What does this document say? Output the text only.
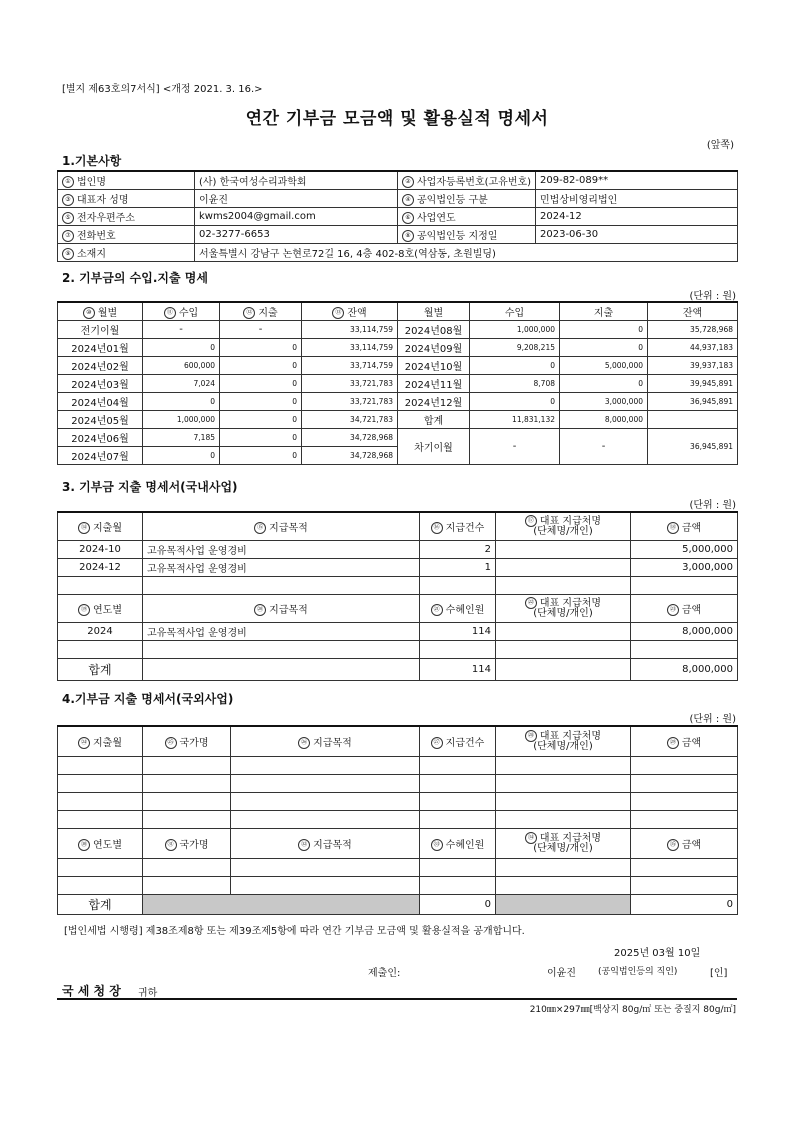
[별지 제63호의7서식] <개정 2021. 3. 16.>
연간 기부금 모금액 및 활용실적 명세서
(앞쪽)
1.기본사항
① 법인명	(사) 한국여성수리과학회	② 사업자등록번호(고유번호)	209-82-089**
③ 대표자 성명	이윤진	④ 공익법인등 구분	민법상비영리법인
⑤ 전자우편주소	kwms2004@gmail.com	⑥ 사업연도	2024-12
⑦ 전화번호	02-3277-6653	⑧ 공익법인등 지정일	2023-06-30
⑨ 소재지	서울특별시 강남구 논현로72길 16, 4층 402-8호(역삼동, 초원빌딩)		
2. 기부금의 수입.지출 명세
(단위 : 원)
⑩ 월별	⑪ 수입	⑫ 지출	⑬ 잔액	월별	수입	지출	잔액
전기이월	-	-	33,114,759	2024년08월	1,000,000	0	35,728,968
2024년01월	0	0	33,114,759	2024년09월	9,208,215	0	44,937,183
2024년02월	600,000	0	33,714,759	2024년10월	0	5,000,000	39,937,183
2024년03월	7,024	0	33,721,783	2024년11월	8,708	0	39,945,891
2024년04월	0	0	33,721,783	2024년12월	0	3,000,000	36,945,891
2024년05월	1,000,000	0	34,721,783	합계	11,831,132	8,000,000	
2024년06월	7,185	0	34,728,968	차기이월	-	-	36,945,891
2024년07월	0	0	34,728,968				
3. 기부금 지출 명세서(국내사업)
(단위 : 원)
⑭ 지출월	⑮ 지급목적	⑯ 지급건수	⑰ 대표 지급처명
(단체명/개인)	⑱ 금액
2024-10	고유목적사업 운영경비	2		5,000,000
2024-12	고유목적사업 운영경비	1		3,000,000

⑲ 연도별	⑳ 지급목적	㉑ 수혜인원	㉒ 대표 지급처명
(단체명/개인)	㉓ 금액
2024	고유목적사업 운영경비	114		8,000,000

합계		114		8,000,000
4.기부금 지출 명세서(국외사업)
(단위 : 원)
㉔ 지출월	㉕ 국가명	㉖ 지급목적	㉗ 지급건수	㉘ 대표 지급처명
(단체명/개인)	㉙ 금액

㉚ 연도별	㉛ 국가명	㉜ 지급목적	㉝ 수혜인원	㉞ 대표 지급처명
(단체명/개인)	㉟ 금액

합계			0		0
[법인세법 시행령] 제38조제8항 또는 제39조제5항에 따라 연간 기부금 모금액 및 활용실적을 공개합니다.
2025년 03월 10일
제출인:	이윤진 (공익법인등의 직인)	[인]
국 세 청 장 귀하
210㎜×297㎜[백상지 80g/㎡ 또는 중질지 80g/㎡]
